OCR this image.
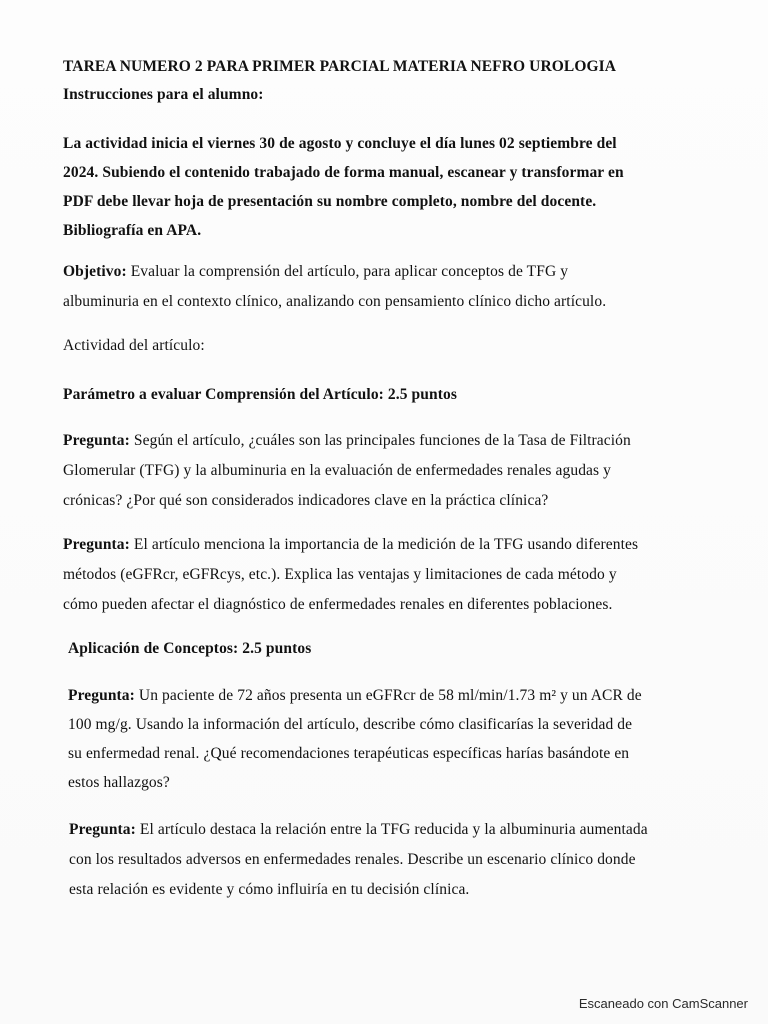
TAREA NUMERO 2 PARA PRIMER PARCIAL MATERIA NEFRO UROLOGIA
Instrucciones para el alumno:
La actividad inicia el viernes 30 de agosto y concluye el día lunes 02 septiembre del
2024. Subiendo el contenido trabajado de forma manual, escanear y transformar en
PDF debe llevar hoja de presentación su nombre completo, nombre del docente.
Bibliografía en APA.
Objetivo: Evaluar la comprensión del artículo, para aplicar conceptos de TFG y
albuminuria en el contexto clínico, analizando con pensamiento clínico dicho artículo.
Actividad del artículo:
Parámetro a evaluar Comprensión del Artículo: 2.5 puntos
Pregunta: Según el artículo, ¿cuáles son las principales funciones de la Tasa de Filtración
Glomerular (TFG) y la albuminuria en la evaluación de enfermedades renales agudas y
crónicas? ¿Por qué son considerados indicadores clave en la práctica clínica?
Pregunta: El artículo menciona la importancia de la medición de la TFG usando diferentes
métodos (eGFRcr, eGFRcys, etc.). Explica las ventajas y limitaciones de cada método y
cómo pueden afectar el diagnóstico de enfermedades renales en diferentes poblaciones.
Aplicación de Conceptos: 2.5 puntos
Pregunta: Un paciente de 72 años presenta un eGFRcr de 58 ml/min/1.73 m² y un ACR de
100 mg/g. Usando la información del artículo, describe cómo clasificarías la severidad de
su enfermedad renal. ¿Qué recomendaciones terapéuticas específicas harías basándote en
estos hallazgos?
Pregunta: El artículo destaca la relación entre la TFG reducida y la albuminuria aumentada
con los resultados adversos en enfermedades renales. Describe un escenario clínico donde
esta relación es evidente y cómo influiría en tu decisión clínica.
Escaneado con CamScanner
